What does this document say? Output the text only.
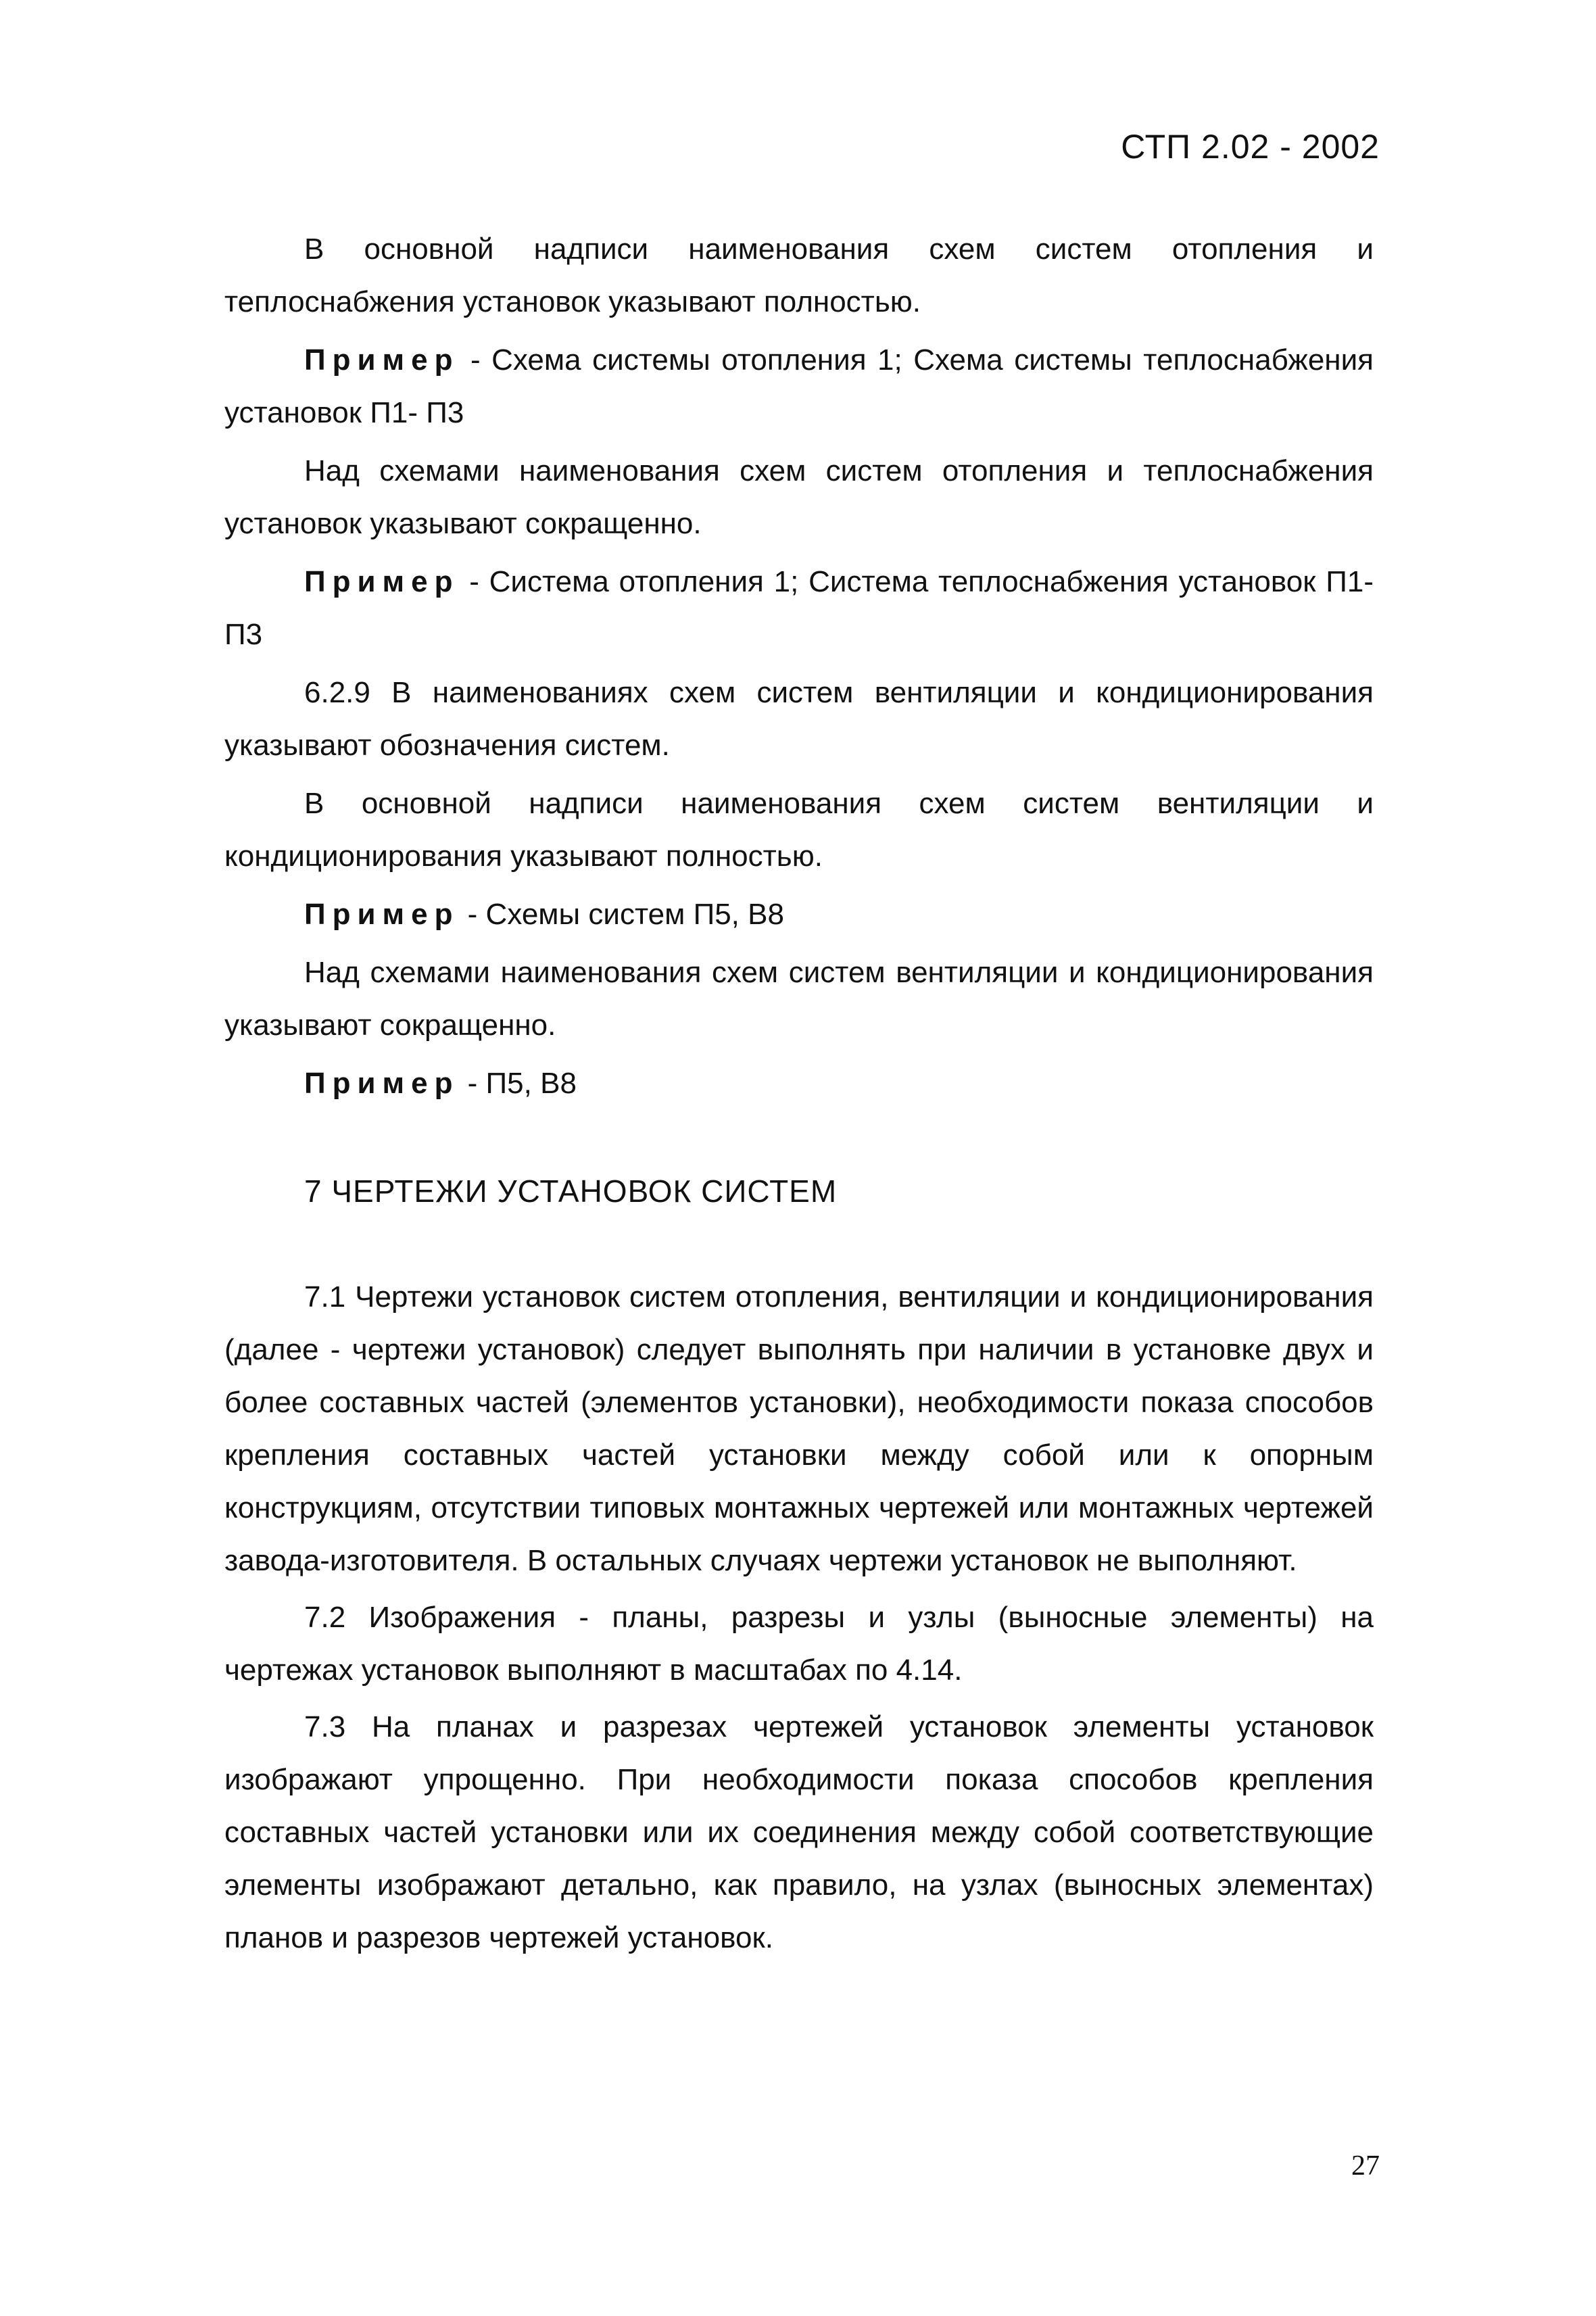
СТП 2.02 - 2002

В основной надписи наименования схем систем отопления и теплоснабжения установок указывают полностью.

Пример - Схема системы отопления 1; Схема системы теплоснабжения установок П1- П3

Над схемами наименования схем систем отопления и теплоснабжения установок указывают сокращенно.

Пример - Система отопления 1; Система теплоснабжения установок П1- П3

6.2.9 В наименованиях схем систем вентиляции и кондиционирования указывают обозначения систем.

В основной надписи наименования схем систем вентиляции и кондиционирования указывают полностью.

Пример - Схемы систем П5, В8

Над схемами наименования схем систем вентиляции и кондиционирования указывают сокращенно.

Пример - П5, В8

7 ЧЕРТЕЖИ УСТАНОВОК СИСТЕМ

7.1 Чертежи установок систем отопления, вентиляции и кондиционирования (далее - чертежи установок) следует выполнять при наличии в установке двух и более составных частей (элементов установки), необходимости показа способов крепления составных частей установки между собой или к опорным конструкциям, отсутствии типовых монтажных чертежей или монтажных чертежей завода-изготовителя. В остальных случаях чертежи установок не выполняют.

7.2 Изображения - планы, разрезы и узлы (выносные элементы) на чертежах установок выполняют в масштабах по 4.14.

7.3 На планах и разрезах чертежей установок элементы установок изображают упрощенно. При необходимости показа способов крепления составных частей установки или их соединения между собой соответствующие элементы изображают детально, как правило, на узлах (выносных элементах) планов и разрезов чертежей установок.

27
